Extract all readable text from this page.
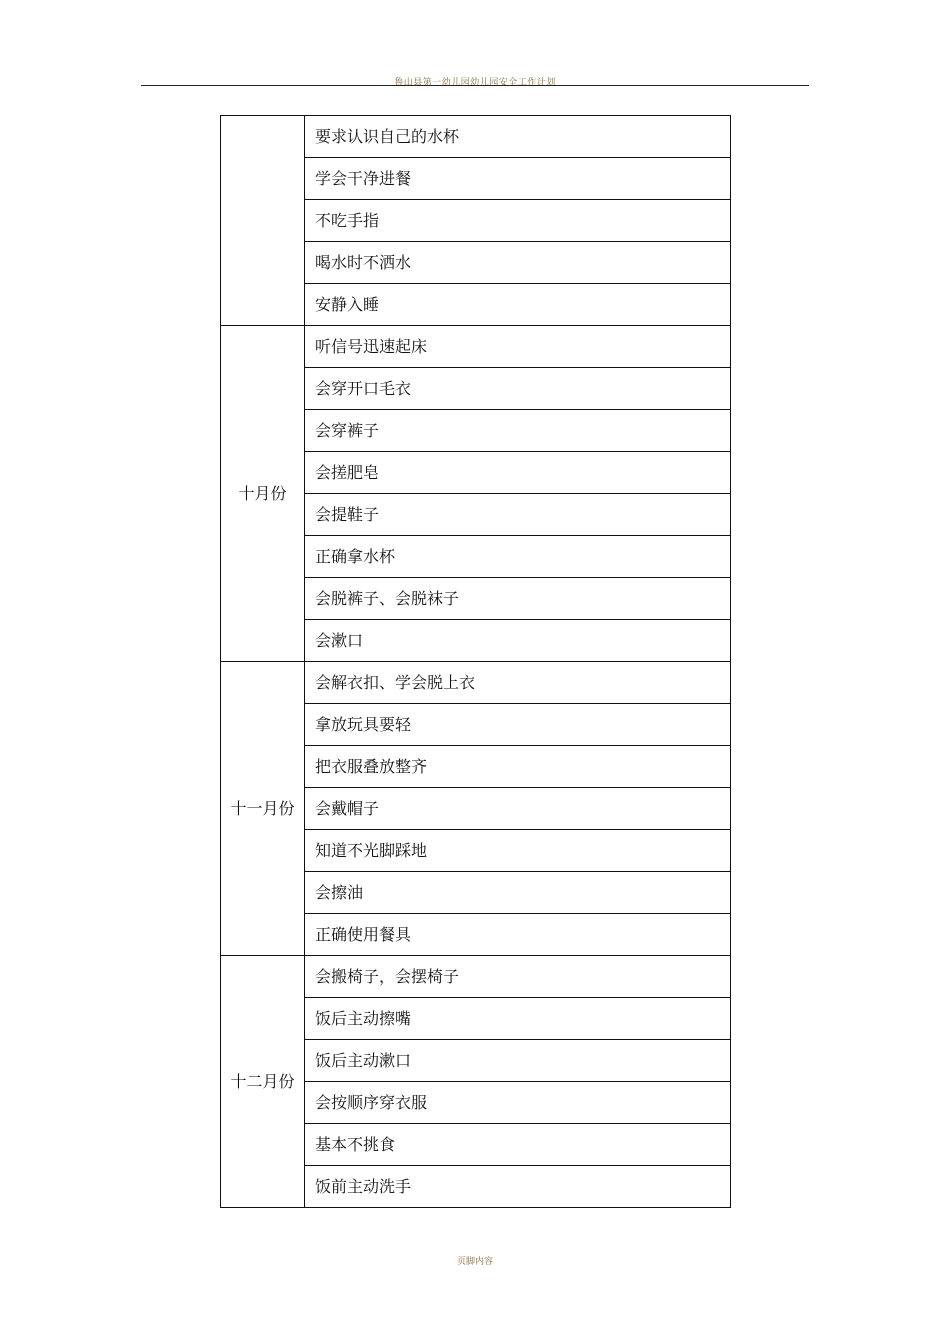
鲁山县第一幼儿园幼儿园安全工作计划
	要求认识自己的水杯
	学会干净进餐
	不吃手指
	喝水时不洒水
	安静入睡
十月份	听信号迅速起床
	会穿开口毛衣
	会穿裤子
	会搓肥皂
	会提鞋子
	正确拿水杯
	会脱裤子、会脱袜子
	会漱口
十一月份	会解衣扣、学会脱上衣
	拿放玩具要轻
	把衣服叠放整齐
	会戴帽子
	知道不光脚踩地
	会擦油
	正确使用餐具
十二月份	会搬椅子，会摆椅子
	饭后主动擦嘴
	饭后主动漱口
	会按顺序穿衣服
	基本不挑食
	饭前主动洗手
页脚内容
